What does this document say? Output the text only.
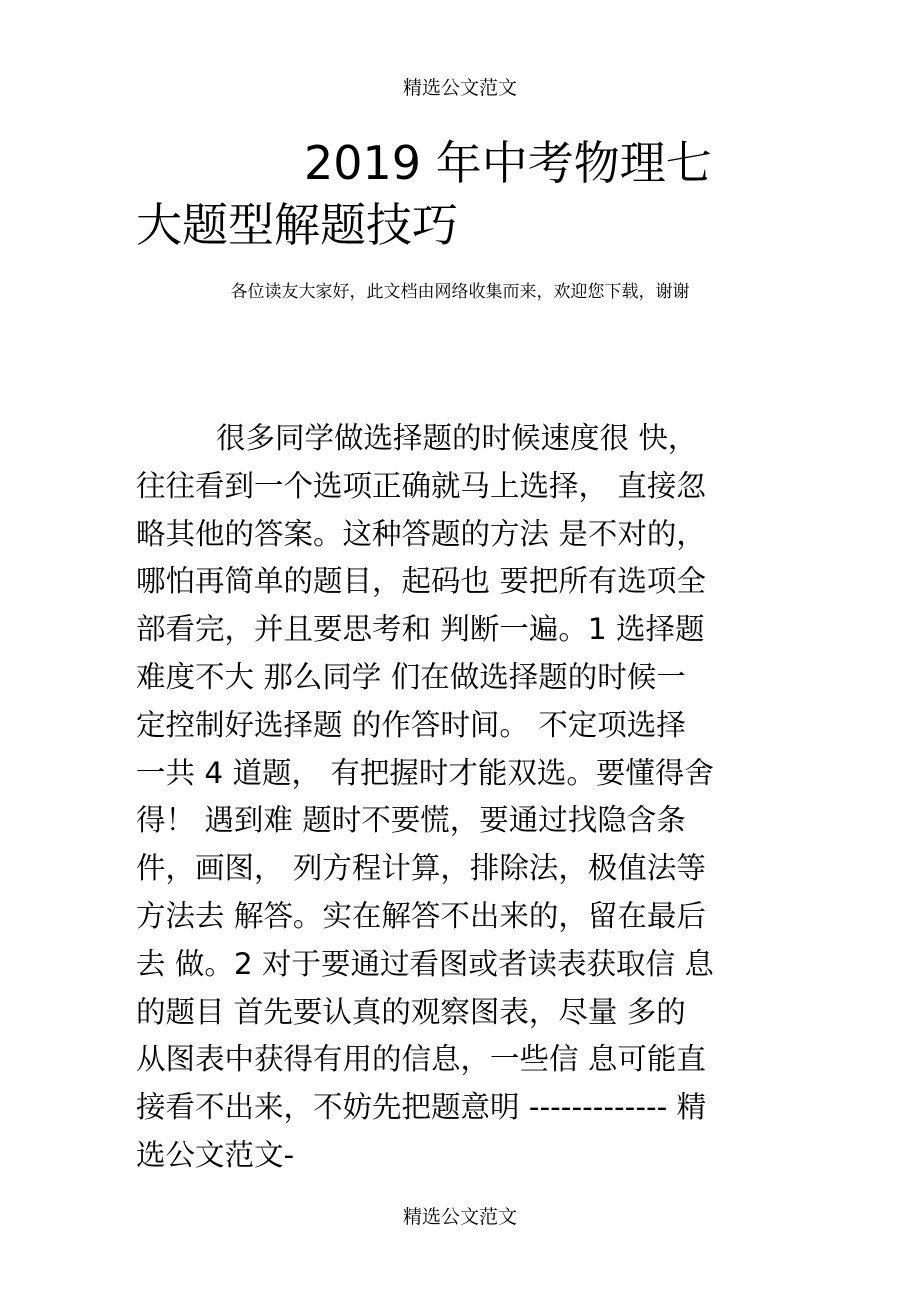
精选公文范文
2019 年中考物理七
大题型解题技巧
各位读友大家好，此文档由网络收集而来，欢迎您下载，谢谢
很多同学做选择题的时候速度很 快，
往往看到一个选项正确就马上选择， 直接忽
略其他的答案。这种答题的方法 是不对的，
哪怕再简单的题目，起码也 要把所有选项全
部看完，并且要思考和 判断一遍。1 选择题
难度不大 那么同学 们在做选择题的时候一
定控制好选择题 的作答时间。 不定项选择
一共 4 道题， 有把握时才能双选。要懂得舍
得！ 遇到难 题时不要慌，要通过找隐含条
件，画图， 列方程计算，排除法，极值法等
方法去 解答。实在解答不出来的，留在最后
去 做。2 对于要通过看图或者读表获取信 息
的题目 首先要认真的观察图表，尽量 多的
从图表中获得有用的信息，一些信 息可能直
接看不出来，不妨先把题意明 ------------- 精
选公文范文-
精选公文范文
